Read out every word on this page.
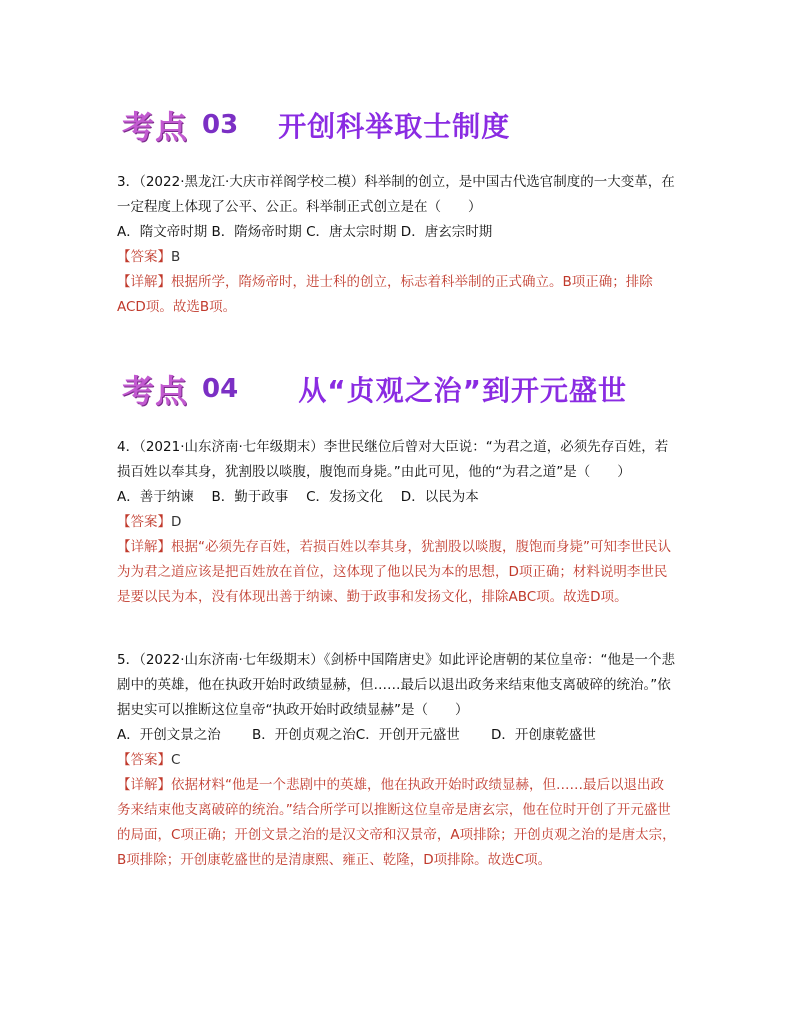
考点 03 开创科举取士制度

3．（2022·黑龙江·大庆市祥阁学校二模）科举制的创立，是中国古代选官制度的一大变革，在一定程度上体现了公平、公正。科举制正式创立是在（　　）

A．隋文帝时期 B．隋炀帝时期 C．唐太宗时期 D．唐玄宗时期

【答案】B

【详解】根据所学，隋炀帝时，进士科的创立，标志着科举制的正式确立。B项正确；排除ACD项。故选B项。

考点 04 从“贞观之治”到开元盛世

4．（2021·山东济南·七年级期末）李世民继位后曾对大臣说：“为君之道，必须先存百姓，若损百姓以奉其身，犹割股以啖腹，腹饱而身毙。”由此可见，他的“为君之道”是（　　）

A．善于纳谏　 B．勤于政事　 C．发扬文化　 D．以民为本

【答案】D

【详解】根据“必须先存百姓，若损百姓以奉其身，犹割股以啖腹，腹饱而身毙”可知李世民认为为君之道应该是把百姓放在首位，这体现了他以民为本的思想，D项正确；材料说明李世民是要以民为本，没有体现出善于纳谏、勤于政事和发扬文化，排除ABC项。故选D项。

5．（2022·山东济南·七年级期末）《剑桥中国隋唐史》如此评论唐朝的某位皇帝：“他是一个悲剧中的英雄，他在执政开始时政绩显赫，但……最后以退出政务来结束他支离破碎的统治。”依据史实可以推断这位皇帝“执政开始时政绩显赫”是（　　）

A．开创文景之治　　 B．开创贞观之治C．开创开元盛世　　 D．开创康乾盛世

【答案】C

【详解】依据材料“他是一个悲剧中的英雄，他在执政开始时政绩显赫，但……最后以退出政务来结束他支离破碎的统治。”结合所学可以推断这位皇帝是唐玄宗，他在位时开创了开元盛世的局面，C项正确；开创文景之治的是汉文帝和汉景帝，A项排除；开创贞观之治的是唐太宗，B项排除；开创康乾盛世的是清康熙、雍正、乾隆，D项排除。故选C项。
